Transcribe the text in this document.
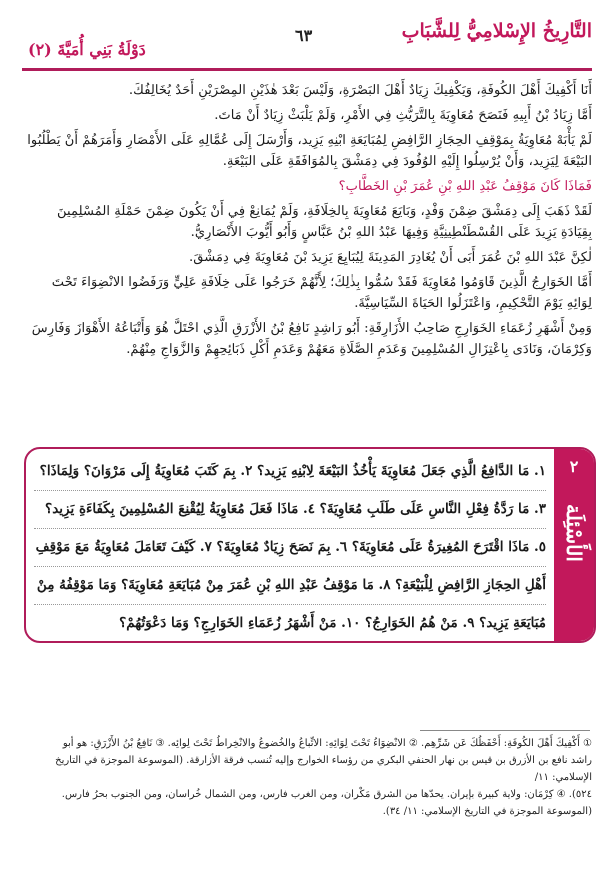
التَّارِيخُ الإِسْلامِيُّ لِلشَّبَابِ
٦٣
دَوْلَةُ بَنِي أُمَيَّةَ (٢)

أَنَا أَكْفِيكَ أَهْلَ الكُوفَةِ، وَيَكْفِيكَ زِيَادٌ أَهْلَ البَصْرَةِ، وَلَيْسَ بَعْدَ هٰذَيْنِ المِصْرَيْنِ أَحَدٌ يُخَالِفُكَ.

أَمَّا زِيَادُ بْنُ أَبِيهِ فَنَصَحَ مُعَاوِيَةَ بِالتَّرَيُّثِ فِي الأَمْرِ، وَلَمْ يَلْبَثْ زِيَادٌ أَنْ مَاتَ.

لَمْ يَأْبَهْ مُعَاوِيَةُ بِمَوْقِفِ الحِجَازِ الرَّافِضِ لِمُبَايَعَةِ ابْنِهِ يَزِيد، وَأَرْسَلَ إِلَى عُمَّالِهِ عَلَى الأَمْصَارِ وَأَمَرَهُمْ أَنْ يَطْلُبُوا البَيْعَةَ لِيَزِيد، وَأَنْ يُرْسِلُوا إِلَيْهِ الوُفُودَ فِي دِمَشْقَ بِالمُوَافَقَةِ عَلَى البَيْعَةِ.

فَمَاذَا كَانَ مَوْقِفُ عَبْدِ اللهِ بْنِ عُمَرَ بْنِ الخَطَّابِ؟

لَقَدْ ذَهَبَ إِلَى دِمَشْقَ ضِمْنَ وَفْدٍ، وَبَايَعَ مُعَاوِيَةَ بِالخِلَافَةِ، وَلَمْ يُمَانِعْ فِي أَنْ يَكُونَ ضِمْنَ حَمْلَةِ المُسْلِمِينَ بِقِيَادَةِ يَزِيدَ عَلَى القُسْطَنْطِينِيَّةِ وَفِيهَا عَبْدُ اللهِ بْنُ عَبَّاسٍ وَأَبُو أَيُّوبَ الأَنْصَارِيُّ.

لٰكِنَّ عَبْدَ اللهِ بْنَ عُمَرَ أَبَى أَنْ يُغَادِرَ المَدِينَةَ لِيُبَايِعَ يَزِيدَ بْنَ مُعَاوِيَةَ فِي دِمَشْقَ.

أَمَّا الخَوَارِجُ الَّذِينَ قَاوَمُوا مُعَاوِيَةَ فَقَدْ سُمُّوا بِذٰلِكَ؛ لِأَنَّهُمْ خَرَجُوا عَلَى خِلَافَةِ عَلِيٍّ وَرَفَضُوا الانْضِوَاءَ تَحْتَ لِوَائِهِ يَوْمَ التَّحْكِيمِ، وَاعْتَزَلُوا الحَيَاةَ السِّيَاسِيَّةَ.

وَمِنْ أَشْهَرِ زُعَمَاءِ الخَوَارِجِ صَاحِبُ الأَزَارِقَةِ: أَبُو رَاشِدٍ نَافِعُ بْنُ الأَزْرَقِ الَّذِي احْتَلَّ هُوَ وَأَتْبَاعُهُ الأَهْوَازَ وَفَارِسَ وَكِرْمَانَ، وَنَادَى بِاعْتِزَالِ المُسْلِمِينَ وَعَدَمِ الصَّلَاةِ مَعَهُمْ وَعَدَمِ أَكْلِ ذَبَائِحِهِمْ وَالزَّوَاجِ مِنْهُمْ.

٢
الأَسْئِلَة
١. مَا الدَّافِعُ الَّذِي جَعَلَ مُعَاوِيَةَ يَأْخُذُ البَيْعَةَ لِابْنِهِ يَزِيد؟ ٢. بِمَ كَتَبَ مُعَاوِيَةُ إِلَى مَرْوَانَ؟ وَلِمَاذَا؟
٣. مَا رَدَّةُ فِعْلِ النَّاسِ عَلَى طَلَبِ مُعَاوِيَةَ؟ ٤. مَاذَا فَعَلَ مُعَاوِيَةُ لِيُقْنِعَ المُسْلِمِينَ بِكَفَاءَةِ يَزِيد؟
٥. مَاذَا اقْتَرَحَ المُغِيرَةُ عَلَى مُعَاوِيَةَ؟ ٦. بِمَ نَصَحَ زِيَادٌ مُعَاوِيَةَ؟ ٧. كَيْفَ تَعَامَلَ مُعَاوِيَةُ مَعَ مَوْقِفِ
أَهْلِ الحِجَازِ الرَّافِضِ لِلْبَيْعَةِ؟ ٨. مَا مَوْقِفُ عَبْدِ اللهِ بْنِ عُمَرَ مِنْ مُبَايَعَةِ مُعَاوِيَةَ؟ وَمَا مَوْقِفُهُ مِنْ
مُبَايَعَةِ يَزِيد؟ ٩. مَنْ هُمُ الخَوَارِجُ؟ ١٠. مَنْ أَشْهَرُ زُعَمَاءِ الخَوَارِجِ؟ وَمَا دَعْوَتُهُمْ؟

① أَكْفِيكَ أَهْلَ الكُوفَةِ: أَحْفَظُكَ عَن شَرِّهِم. ② الانْضِوَاءُ تَحْتَ لِوَائِهِ: الاتِّباعُ والخُضوعُ والانْخِراطُ تَحْتَ لِوائِه. ③ نَافِعُ بْنُ الأَزْرَقِ: هو أبو

راشد نافع بن الأزرق بن قيس بن نهار الحنفي البكري من رؤساء الخوارج وإليه تُنسب فرقة الأزارقة. (الموسوعة الموجزة في التاريخ الإسلامي: ١١/

٥٢٤). ④ كِرْمَان: ولاية كبيرة بإيران. يحدّها من الشرق مَكْران، ومن الغرب فارس، ومن الشمال خُراسان، ومن الجنوب بحرُ فارس.

(الموسوعة الموجزة في التاريخ الإسلامي: ١١/ ٣٤).
